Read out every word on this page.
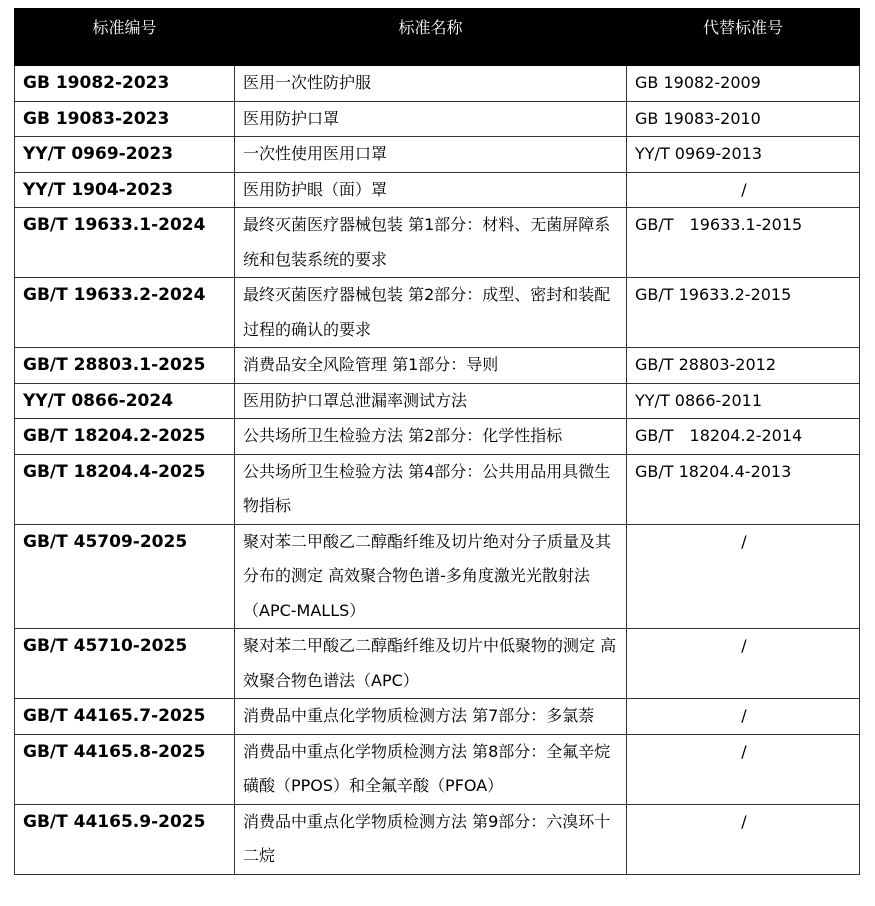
标准编号	标准名称	代替标准号
GB 19082-2023	医用一次性防护服	GB 19082-2009
GB 19083-2023	医用防护口罩	GB 19083-2010
YY/T 0969-2023	一次性使用医用口罩	YY/T 0969-2013
YY/T 1904-2023	医用防护眼（面）罩	/
GB/T 19633.1-2024	最终灭菌医疗器械包装 第1部分：材料、无菌屏障系统和包装系统的要求	GB/T　19633.1-2015
GB/T 19633.2-2024	最终灭菌医疗器械包装 第2部分：成型、密封和装配过程的确认的要求	GB/T 19633.2-2015
GB/T 28803.1-2025	消费品安全风险管理 第1部分：导则	GB/T 28803-2012
YY/T 0866-2024	医用防护口罩总泄漏率测试方法	YY/T 0866-2011
GB/T 18204.2-2025	公共场所卫生检验方法 第2部分：化学性指标	GB/T　18204.2-2014
GB/T 18204.4-2025	公共场所卫生检验方法 第4部分：公共用品用具微生物指标	GB/T 18204.4-2013
GB/T 45709-2025	聚对苯二甲酸乙二醇酯纤维及切片绝对分子质量及其分布的测定 高效聚合物色谱-多角度激光光散射法（APC-MALLS）	/
GB/T 45710-2025	聚对苯二甲酸乙二醇酯纤维及切片中低聚物的测定 高效聚合物色谱法（APC）	/
GB/T 44165.7-2025	消费品中重点化学物质检测方法 第7部分：多氯萘	/
GB/T 44165.8-2025	消费品中重点化学物质检测方法 第8部分：全氟辛烷磺酸（PPOS）和全氟辛酸（PFOA）	/
GB/T 44165.9-2025	消费品中重点化学物质检测方法 第9部分：六溴环十二烷	/
